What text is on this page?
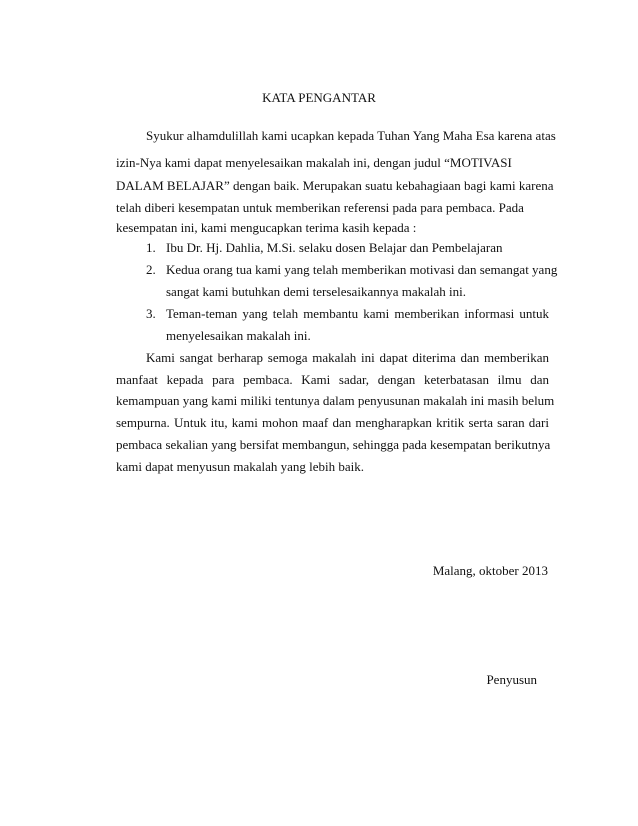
KATA PENGANTAR
Syukur alhamdulillah kami ucapkan kepada Tuhan Yang Maha Esa karena atas
izin-Nya kami dapat menyelesaikan makalah ini, dengan judul “MOTIVASI
DALAM BELAJAR” dengan baik. Merupakan suatu kebahagiaan bagi kami karena
telah diberi kesempatan untuk memberikan referensi pada para pembaca. Pada
kesempatan ini, kami mengucapkan terima kasih kepada :
1. Ibu Dr. Hj. Dahlia, M.Si. selaku dosen Belajar dan Pembelajaran
2. Kedua orang tua kami yang telah memberikan motivasi dan semangat yang
sangat kami butuhkan demi terselesaikannya makalah ini.
3. Teman-teman yang telah membantu kami memberikan informasi untuk
menyelesaikan makalah ini.
Kami sangat berharap semoga makalah ini dapat diterima dan memberikan
manfaat kepada para pembaca. Kami sadar, dengan keterbatasan ilmu dan
kemampuan yang kami miliki tentunya dalam penyusunan makalah ini masih belum
sempurna. Untuk itu, kami mohon maaf dan mengharapkan kritik serta saran dari
pembaca sekalian yang bersifat membangun, sehingga pada kesempatan berikutnya
kami dapat menyusun makalah yang lebih baik.
Malang, oktober 2013
Penyusun
